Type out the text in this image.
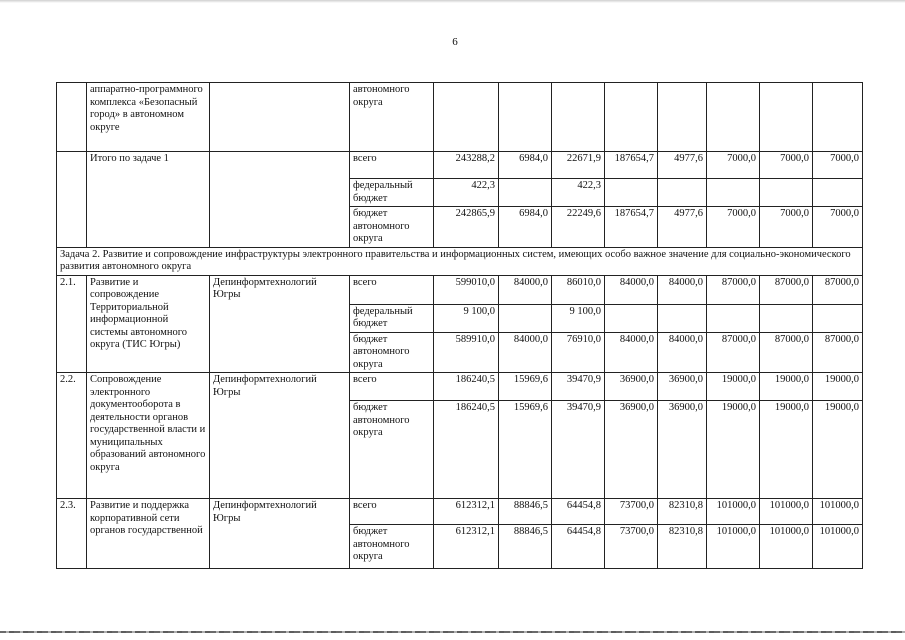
6
	аппаратно-программного комплекса «Безопасный город» в автономном округе		автономного округа								
	Итого по задаче 1		всего	243288,2	6984,0	22671,9	187654,7	4977,6	7000,0	7000,0	7000,0
			федеральный бюджет	422,3		422,3					
			бюджет автономного округа	242865,9	6984,0	22249,6	187654,7	4977,6	7000,0	7000,0	7000,0
Задача 2. Развитие и сопровождение инфраструктуры электронного правительства и информационных систем, имеющих особо важное значение для социально-экономического развития автономного округа											
2.1.	Развитие и сопровождение Территориальной информационной системы автономного округа (ТИС Югры)	Депинформтехнологий Югры	всего	599010,0	84000,0	86010,0	84000,0	84000,0	87000,0	87000,0	87000,0
			федеральный бюджет	9 100,0		9 100,0					
			бюджет автономного округа	589910,0	84000,0	76910,0	84000,0	84000,0	87000,0	87000,0	87000,0
2.2.	Сопровождение электронного документооборота в деятельности органов государственной власти и муниципальных образований автономного округа	Депинформтехнологий Югры	всего	186240,5	15969,6	39470,9	36900,0	36900,0	19000,0	19000,0	19000,0
			бюджет автономного округа	186240,5	15969,6	39470,9	36900,0	36900,0	19000,0	19000,0	19000,0
2.3.	Развитие и поддержка корпоративной сети органов государственной	Депинформтехнологий Югры	всего	612312,1	88846,5	64454,8	73700,0	82310,8	101000,0	101000,0	101000,0
			бюджет автономного округа	612312,1	88846,5	64454,8	73700,0	82310,8	101000,0	101000,0	101000,0
